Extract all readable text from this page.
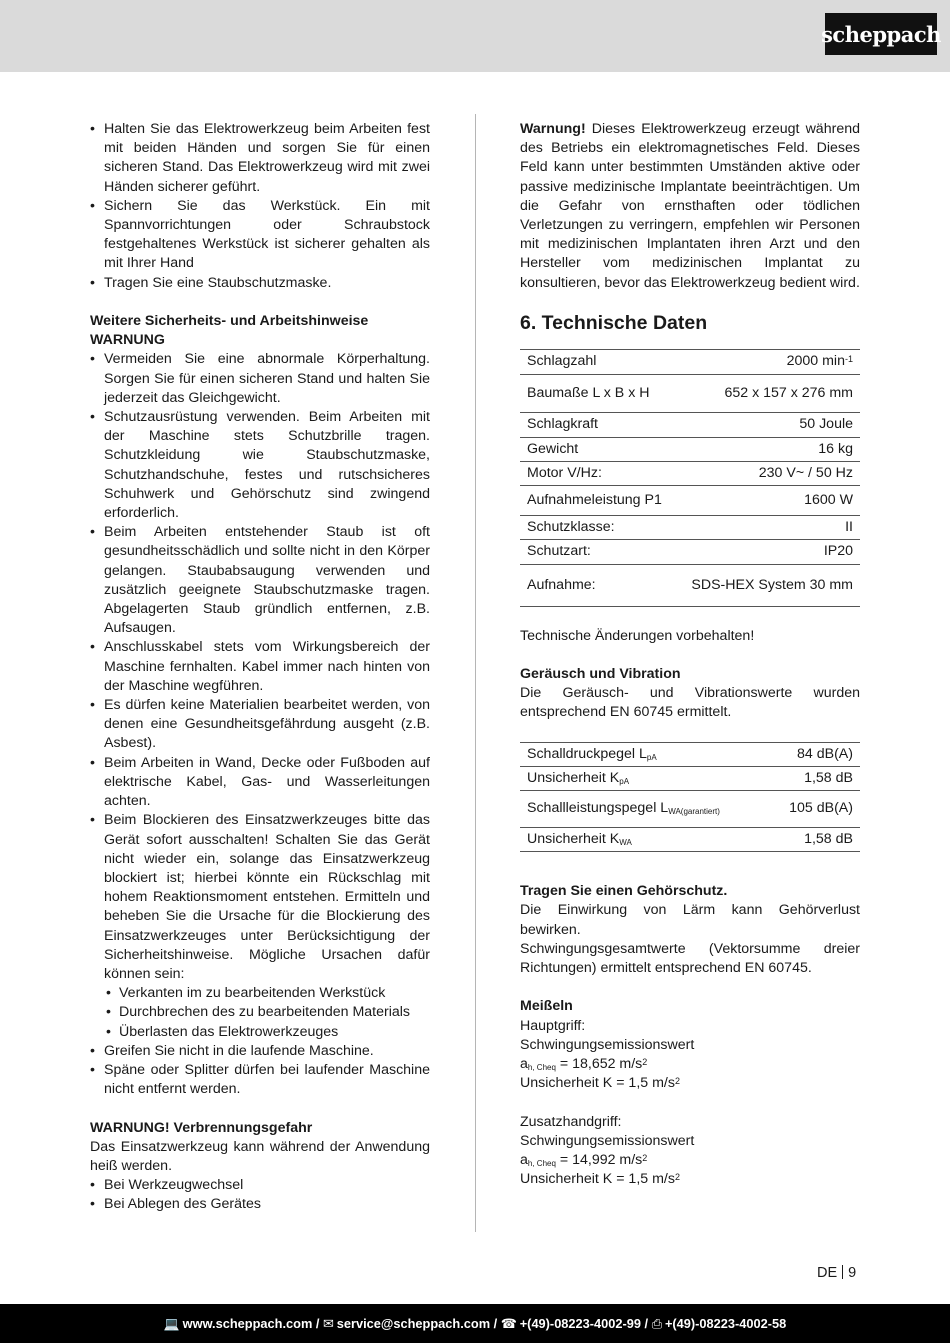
scheppach
• Halten Sie das Elektrowerkzeug beim Arbeiten fest mit beiden Händen und sorgen Sie für einen sicheren Stand. Das Elektrowerkzeug wird mit zwei Händen sicherer geführt.
• Sichern Sie das Werkstück. Ein mit Spannvorrichtungen oder Schraubstock festgehaltenes Werkstück ist sicherer gehalten als mit Ihrer Hand
• Tragen Sie eine Staubschutzmaske.
Weitere Sicherheits- und Arbeitshinweise
WARNUNG
• Vermeiden Sie eine abnormale Körperhaltung. Sorgen Sie für einen sicheren Stand und halten Sie jederzeit das Gleichgewicht.
• Schutzausrüstung verwenden. Beim Arbeiten mit der Maschine stets Schutzbrille tragen. Schutzkleidung wie Staubschutzmaske, Schutzhandschuhe, festes und rutschsicheres Schuhwerk und Gehörschutz sind zwingend erforderlich.
• Beim Arbeiten entstehender Staub ist oft gesundheitsschädlich und sollte nicht in den Körper gelangen. Staubabsaugung verwenden und zusätzlich geeignete Staubschutzmaske tragen. Abgelagerten Staub gründlich entfernen, z.B. Aufsaugen.
• Anschlusskabel stets vom Wirkungsbereich der Maschine fernhalten. Kabel immer nach hinten von der Maschine wegführen.
• Es dürfen keine Materialien bearbeitet werden, von denen eine Gesundheitsgefährdung ausgeht (z.B. Asbest).
• Beim Arbeiten in Wand, Decke oder Fußboden auf elektrische Kabel, Gas- und Wasserleitungen achten.
• Beim Blockieren des Einsatzwerkzeuges bitte das Gerät sofort ausschalten! Schalten Sie das Gerät nicht wieder ein, solange das Einsatzwerkzeug blockiert ist; hierbei könnte ein Rückschlag mit hohem Reaktionsmoment entstehen. Ermitteln und beheben Sie die Ursache für die Blockierung des Einsatzwerkzeuges unter Berücksichtigung der Sicherheitshinweise. Mögliche Ursachen dafür können sein:
• Verkanten im zu bearbeitenden Werkstück
• Durchbrechen des zu bearbeitenden Materials
• Überlasten das Elektrowerkzeuges
• Greifen Sie nicht in die laufende Maschine.
• Späne oder Splitter dürfen bei laufender Maschine nicht entfernt werden.
WARNUNG! Verbrennungsgefahr
Das Einsatzwerkzeug kann während der Anwendung heiß werden.
• Bei Werkzeugwechsel
• Bei Ablegen des Gerätes
Warnung! Dieses Elektrowerkzeug erzeugt während des Betriebs ein elektromagnetisches Feld. Dieses Feld kann unter bestimmten Umständen aktive oder passive medizinische Implantate beeinträchtigen. Um die Gefahr von ernsthaften oder tödlichen Verletzungen zu verringern, empfehlen wir Personen mit medizinischen Implantaten ihren Arzt und den Hersteller vom medizinischen Implantat zu konsultieren, bevor das Elektrowerkzeug bedient wird.
6. Technische Daten
Schlagzahl	2000 $\min^{-1}$
Baumaße L x B x H	652 x 157 x 276 mm
Schlagkraft	50 Joule
Gewicht	16 kg
Motor V/Hz:	230 V~ / 50 Hz
Aufnahmeleistung P1	1600 W
Schutzklasse:	II
Schutzart:	IP20
Aufnahme:	SDS-HEX System 30 mm
Technische Änderungen vorbehalten!
Geräusch und Vibration
Die Geräusch- und Vibrationswerte wurden entsprechend EN 60745 ermittelt.
Schalldruckpegel $L_{pA}$	84 dB(A)
Unsicherheit $K_{pA}$	1,58 dB
Schallleistungspegel $L_{WA(garantiert)}$	105 dB(A)
Unsicherheit $K_{WA}$	1,58 dB
Tragen Sie einen Gehörschutz.
Die Einwirkung von Lärm kann Gehörverlust bewirken.
Schwingungsgesamtwerte (Vektorsumme dreier Richtungen) ermittelt entsprechend EN 60745.
Meißeln
Hauptgriff:
Schwingungsemissionswert
$a_{h, Cheq} = 18,652$ $m/s^2$
Unsicherheit K = 1,5 $m/s^2$
Zusatzhandgriff:
Schwingungsemissionswert
$a_{h, Cheq} = 14,992$ $m/s^2$
Unsicherheit K = 1,5 $m/s^2$
DE 9
💻 www.scheppach.com /
✉ service@scheppach.com /
☎ +(49)-08223-4002-99 /
⎙ +(49)-08223-4002-58
